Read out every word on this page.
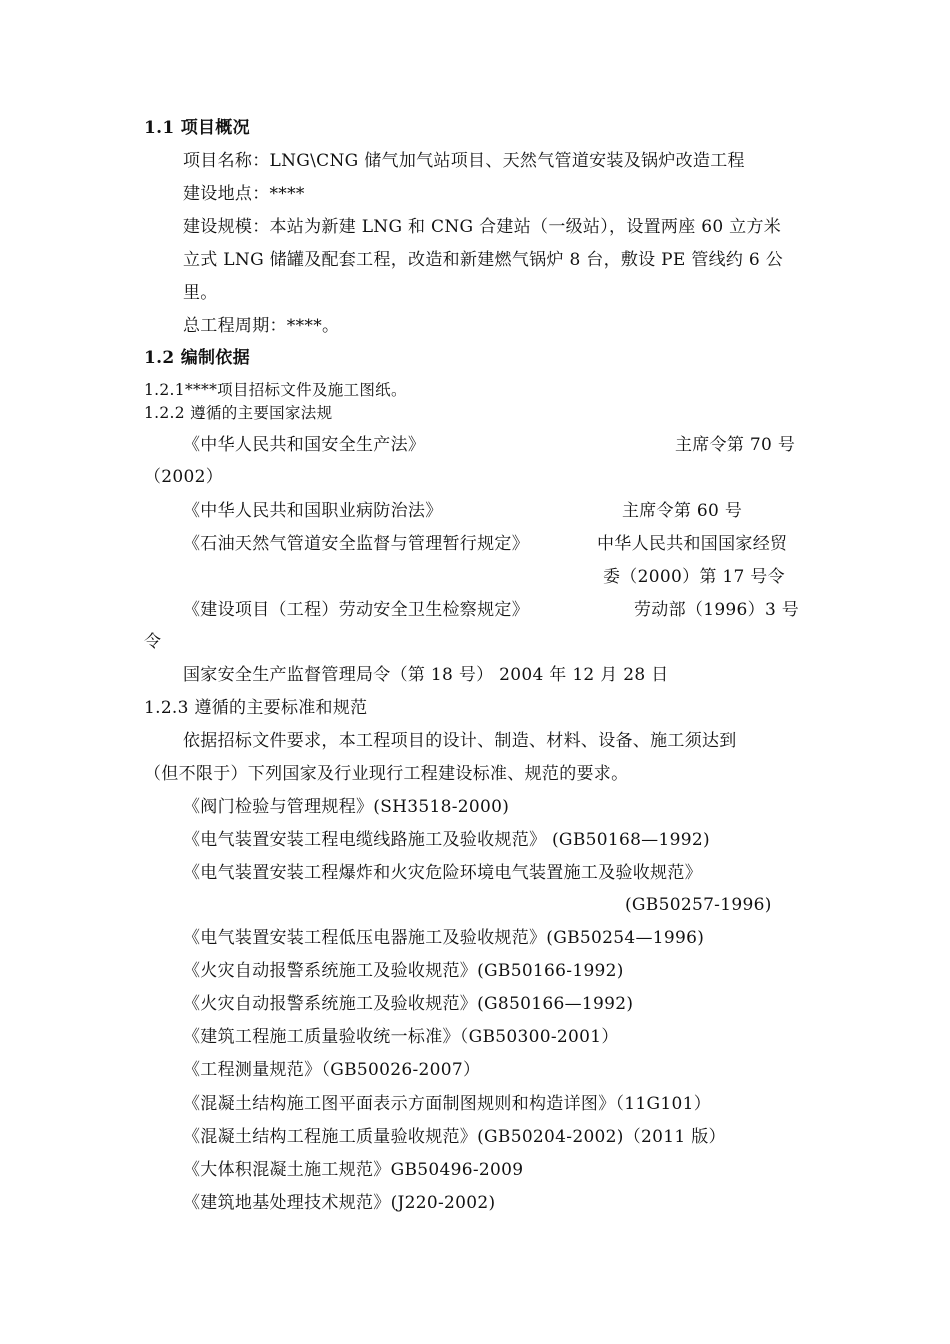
1.1 项目概况
项目名称：LNG\CNG 储气加气站项目、天然气管道安装及锅炉改造工程
建设地点：****
建设规模：本站为新建 LNG 和 CNG 合建站（一级站），设置两座 60 立方米
立式 LNG 储罐及配套工程，改造和新建燃气锅炉 8 台，敷设 PE 管线约 6 公
里。
总工程周期：****。
1.2 编制依据
1.2.1****项目招标文件及施工图纸。
1.2.2 遵循的主要国家法规
《中华人民共和国安全生产法》	主席令第 70 号
（2002）
《中华人民共和国职业病防治法》	主席令第 60 号
《石油天然气管道安全监督与管理暂行规定》	中华人民共和国国家经贸
委（2000）第 17 号令
《建设项目（工程）劳动安全卫生检察规定》	劳动部（1996）3 号
令
国家安全生产监督管理局令（第 18 号） 2004 年 12 月 28 日
1.2.3 遵循的主要标准和规范
依据招标文件要求，本工程项目的设计、制造、材料、设备、施工须达到
（但不限于）下列国家及行业现行工程建设标准、规范的要求。
《阀门检验与管理规程》(SH3518-2000)
《电气装置安装工程电缆线路施工及验收规范》 (GB50168—1992)
《电气装置安装工程爆炸和火灾危险环境电气装置施工及验收规范》
(GB50257-1996)
《电气装置安装工程低压电器施工及验收规范》(GB50254—1996)
《火灾自动报警系统施工及验收规范》(GB50166-1992)
《火灾自动报警系统施工及验收规范》(G850166—1992)
《建筑工程施工质量验收统一标准》（GB50300-2001）
《工程测量规范》（GB50026-2007）
《混凝土结构施工图平面表示方面制图规则和构造详图》（11G101）
《混凝土结构工程施工质量验收规范》(GB50204-2002)（2011 版）
《大体积混凝土施工规范》GB50496-2009
《建筑地基处理技术规范》(J220-2002)
